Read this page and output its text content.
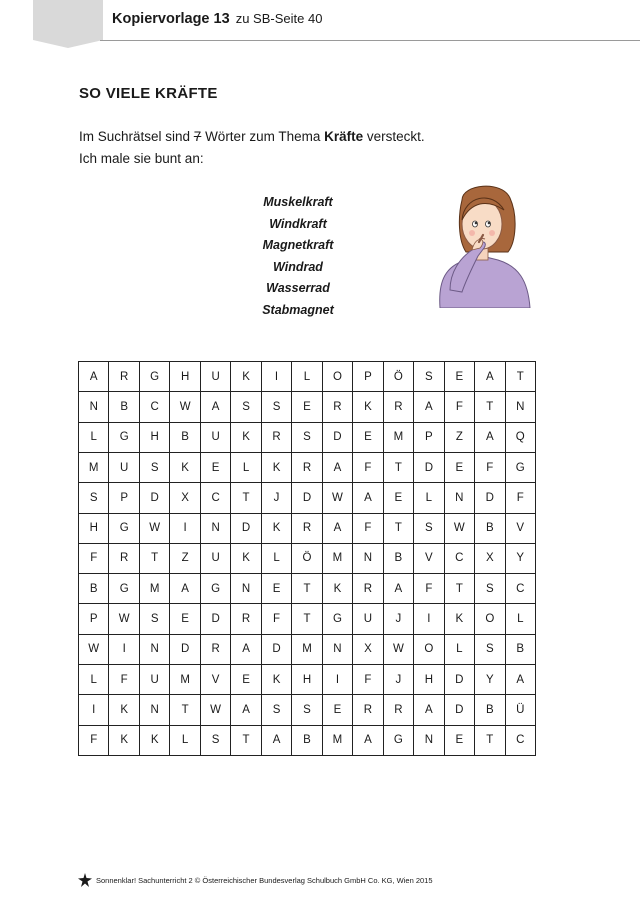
Kopiervorlage 13 zu SB-Seite 40
SO VIELE KRÄFTE
Im Suchrätsel sind 7 Wörter zum Thema Kräfte versteckt.
Ich male sie bunt an:
Muskelkraft
Windkraft
Magnetkraft
Windrad
Wasserrad
Stabmagnet
A	R	G	H	U	K	I	L	O	P	Ö	S	E	A	T
N	B	C	W	A	S	S	E	R	K	R	A	F	T	N
L	G	H	B	U	K	R	S	D	E	M	P	Z	A	Q
M	U	S	K	E	L	K	R	A	F	T	D	E	F	G
S	P	D	X	C	T	J	D	W	A	E	L	N	D	F
H	G	W	I	N	D	K	R	A	F	T	S	W	B	V
F	R	T	Z	U	K	L	Ö	M	N	B	V	C	X	Y
B	G	M	A	G	N	E	T	K	R	A	F	T	S	C
P	W	S	E	D	R	F	T	G	U	J	I	K	O	L
W	I	N	D	R	A	D	M	N	X	W	O	L	S	B
L	F	U	M	V	E	K	H	I	F	J	H	D	Y	A
I	K	N	T	W	A	S	S	E	R	R	A	D	B	Ü
F	K	K	L	S	T	A	B	M	A	G	N	E	T	C
Sonnenklar! Sachunterricht 2 © Österreichischer Bundesverlag Schulbuch GmbH Co. KG, Wien 2015
